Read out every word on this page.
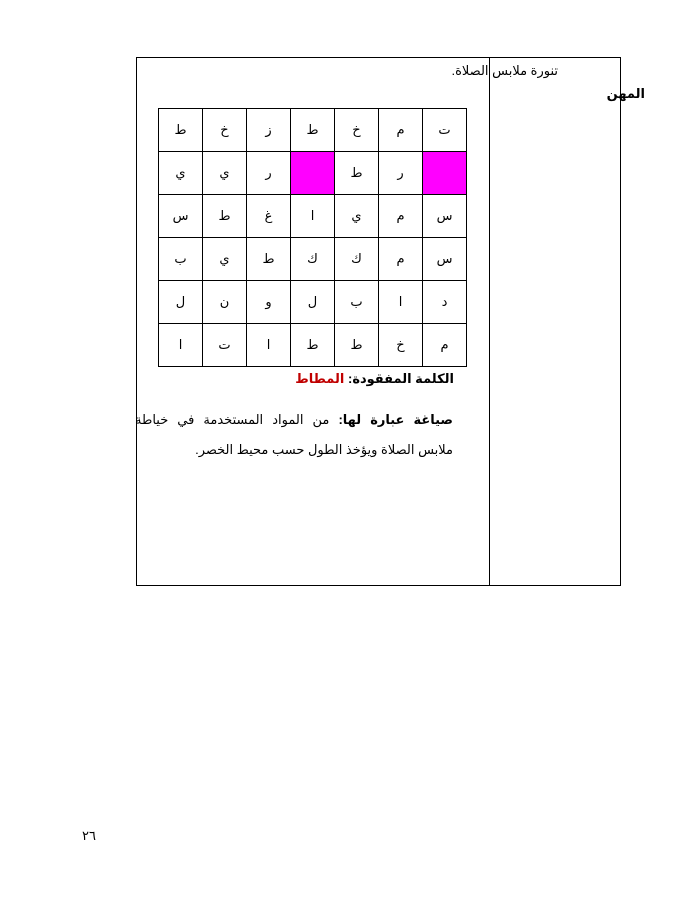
المهن
تنورة ملابس الصلاة.
ت	م	خ	ط	ز	خ	ط
	ر	ط		ر	ي	ي
س	م	ي	ا	غ	ط	س
س	م	ك	ك	ط	ي	ب
د	ا	ب	ل	و	ن	ل
م	خ	ط	ط	ا	ت	ا
الكلمة المفقودة: المطاط
صياغة عبارة لها: من المواد المستخدمة في خياطة ملابس الصلاة ويؤخذ الطول حسب محيط الخصر.
٢٦
